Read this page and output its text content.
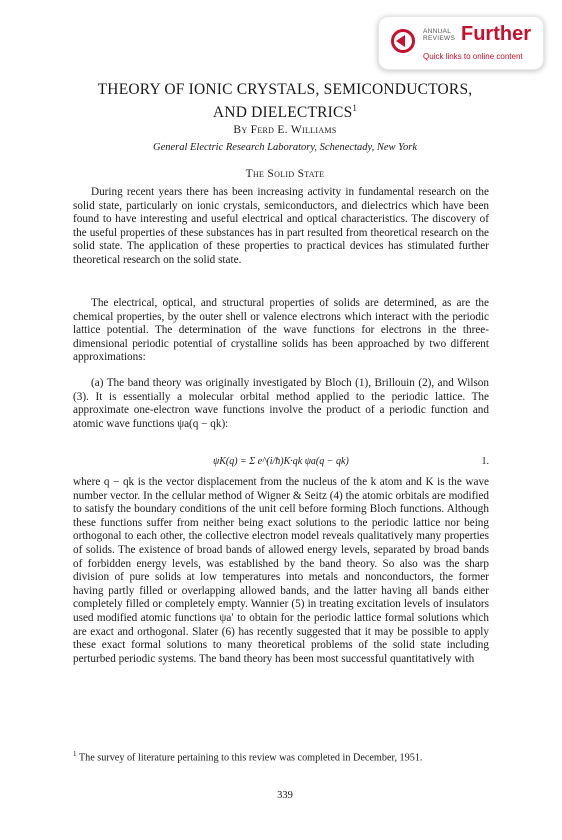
ANNUAL
REVIEWS Further
Quick links to online content
THEORY OF IONIC CRYSTALS, SEMICONDUCTORS,
AND DIELECTRICS$^1$
By Ferd E. Williams
General Electric Research Laboratory, Schenectady, New York
The Solid State

During recent years there has been increasing activity in fundamental research on the solid state, particularly on ionic crystals, semiconductors, and dielectrics which have been found to have interesting and useful electrical and optical characteristics. The discovery of the useful properties of these substances has in part resulted from theoretical research on the solid state. The application of these properties to practical devices has stimulated further theoretical research on the solid state.

The electrical, optical, and structural properties of solids are determined, as are the chemical properties, by the outer shell or valence electrons which interact with the periodic lattice potential. The determination of the wave functions for electrons in the three-dimensional periodic potential of crystalline solids has been approached by two different approximations:

(a) The band theory was originally investigated by Bloch (1), Brillouin (2), and Wilson (3). It is essentially a molecular orbital method applied to the periodic lattice. The approximate one-electron wave functions involve the product of a periodic function and atomic wave functions ψa(q − qk):

ψK(q) = Σ e^(i/ħ)K·qk ψa(q − qk)	1.

where q − qk is the vector displacement from the nucleus of the k atom and K is the wave number vector. In the cellular method of Wigner & Seitz (4) the atomic orbitals are modified to satisfy the boundary conditions of the unit cell before forming Bloch functions. Although these functions suffer from neither being exact solutions to the periodic lattice nor being orthogonal to each other, the collective electron model reveals qualitatively many properties of solids. The existence of broad bands of allowed energy levels, separated by broad bands of forbidden energy levels, was established by the band theory. So also was the sharp division of pure solids at low temperatures into metals and nonconductors, the former having partly filled or overlapping allowed bands, and the latter having all bands either completely filled or completely empty. Wannier (5) in treating excitation levels of insulators used modified atomic functions ψa′ to obtain for the periodic lattice formal solutions which are exact and orthogonal. Slater (6) has recently suggested that it may be possible to apply these exact formal solutions to many theoretical problems of the solid state including perturbed periodic systems. The band theory has been most successful quantitatively with

$^1$ The survey of literature pertaining to this review was completed in December, 1951.
339
